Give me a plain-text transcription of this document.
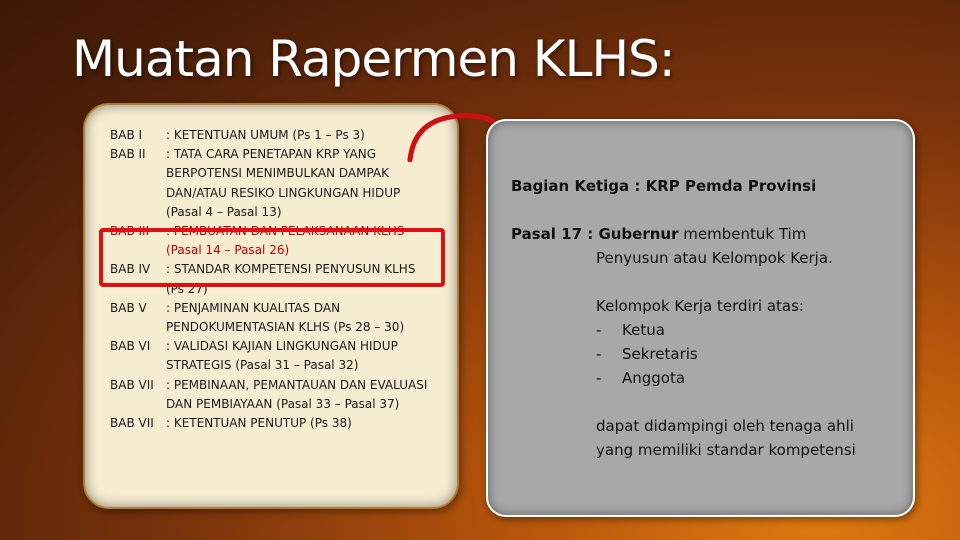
Muatan Rapermen KLHS:
BAB I	: KETENTUAN UMUM (Ps 1 – Ps 3)
BAB II	: TATA CARA PENETAPAN KRP YANG BERPOTENSI MENIMBULKAN DAMPAK DAN/ATAU RESIKO LINGKUNGAN HIDUP (Pasal 4 – Pasal 13)
BAB III	: PEMBUATAN DAN PELAKSANAAN KLHS (Pasal 14 – Pasal 26)
BAB IV	: STANDAR KOMPETENSI PENYUSUN KLHS (Ps 27)
BAB V	: PENJAMINAN KUALITAS DAN PENDOKUMENTASIAN KLHS (Ps 28 – 30)
BAB VI	: VALIDASI KAJIAN LINGKUNGAN HIDUP STRATEGIS (Pasal 31 – Pasal 32)
BAB VII	: PEMBINAAN, PEMANTAUAN DAN EVALUASI DAN PEMBIAYAAN (Pasal 33 – Pasal 37)
BAB VII	: KETENTUAN PENUTUP (Ps 38)
Bagian Ketiga : KRP Pemda Provinsi
Pasal 17 : Gubernur membentuk Tim
Penyusun atau Kelompok Kerja.
Kelompok Kerja terdiri atas:
- Ketua
- Sekretaris
- Anggota
dapat didampingi oleh tenaga ahli
yang memiliki standar kompetensi
